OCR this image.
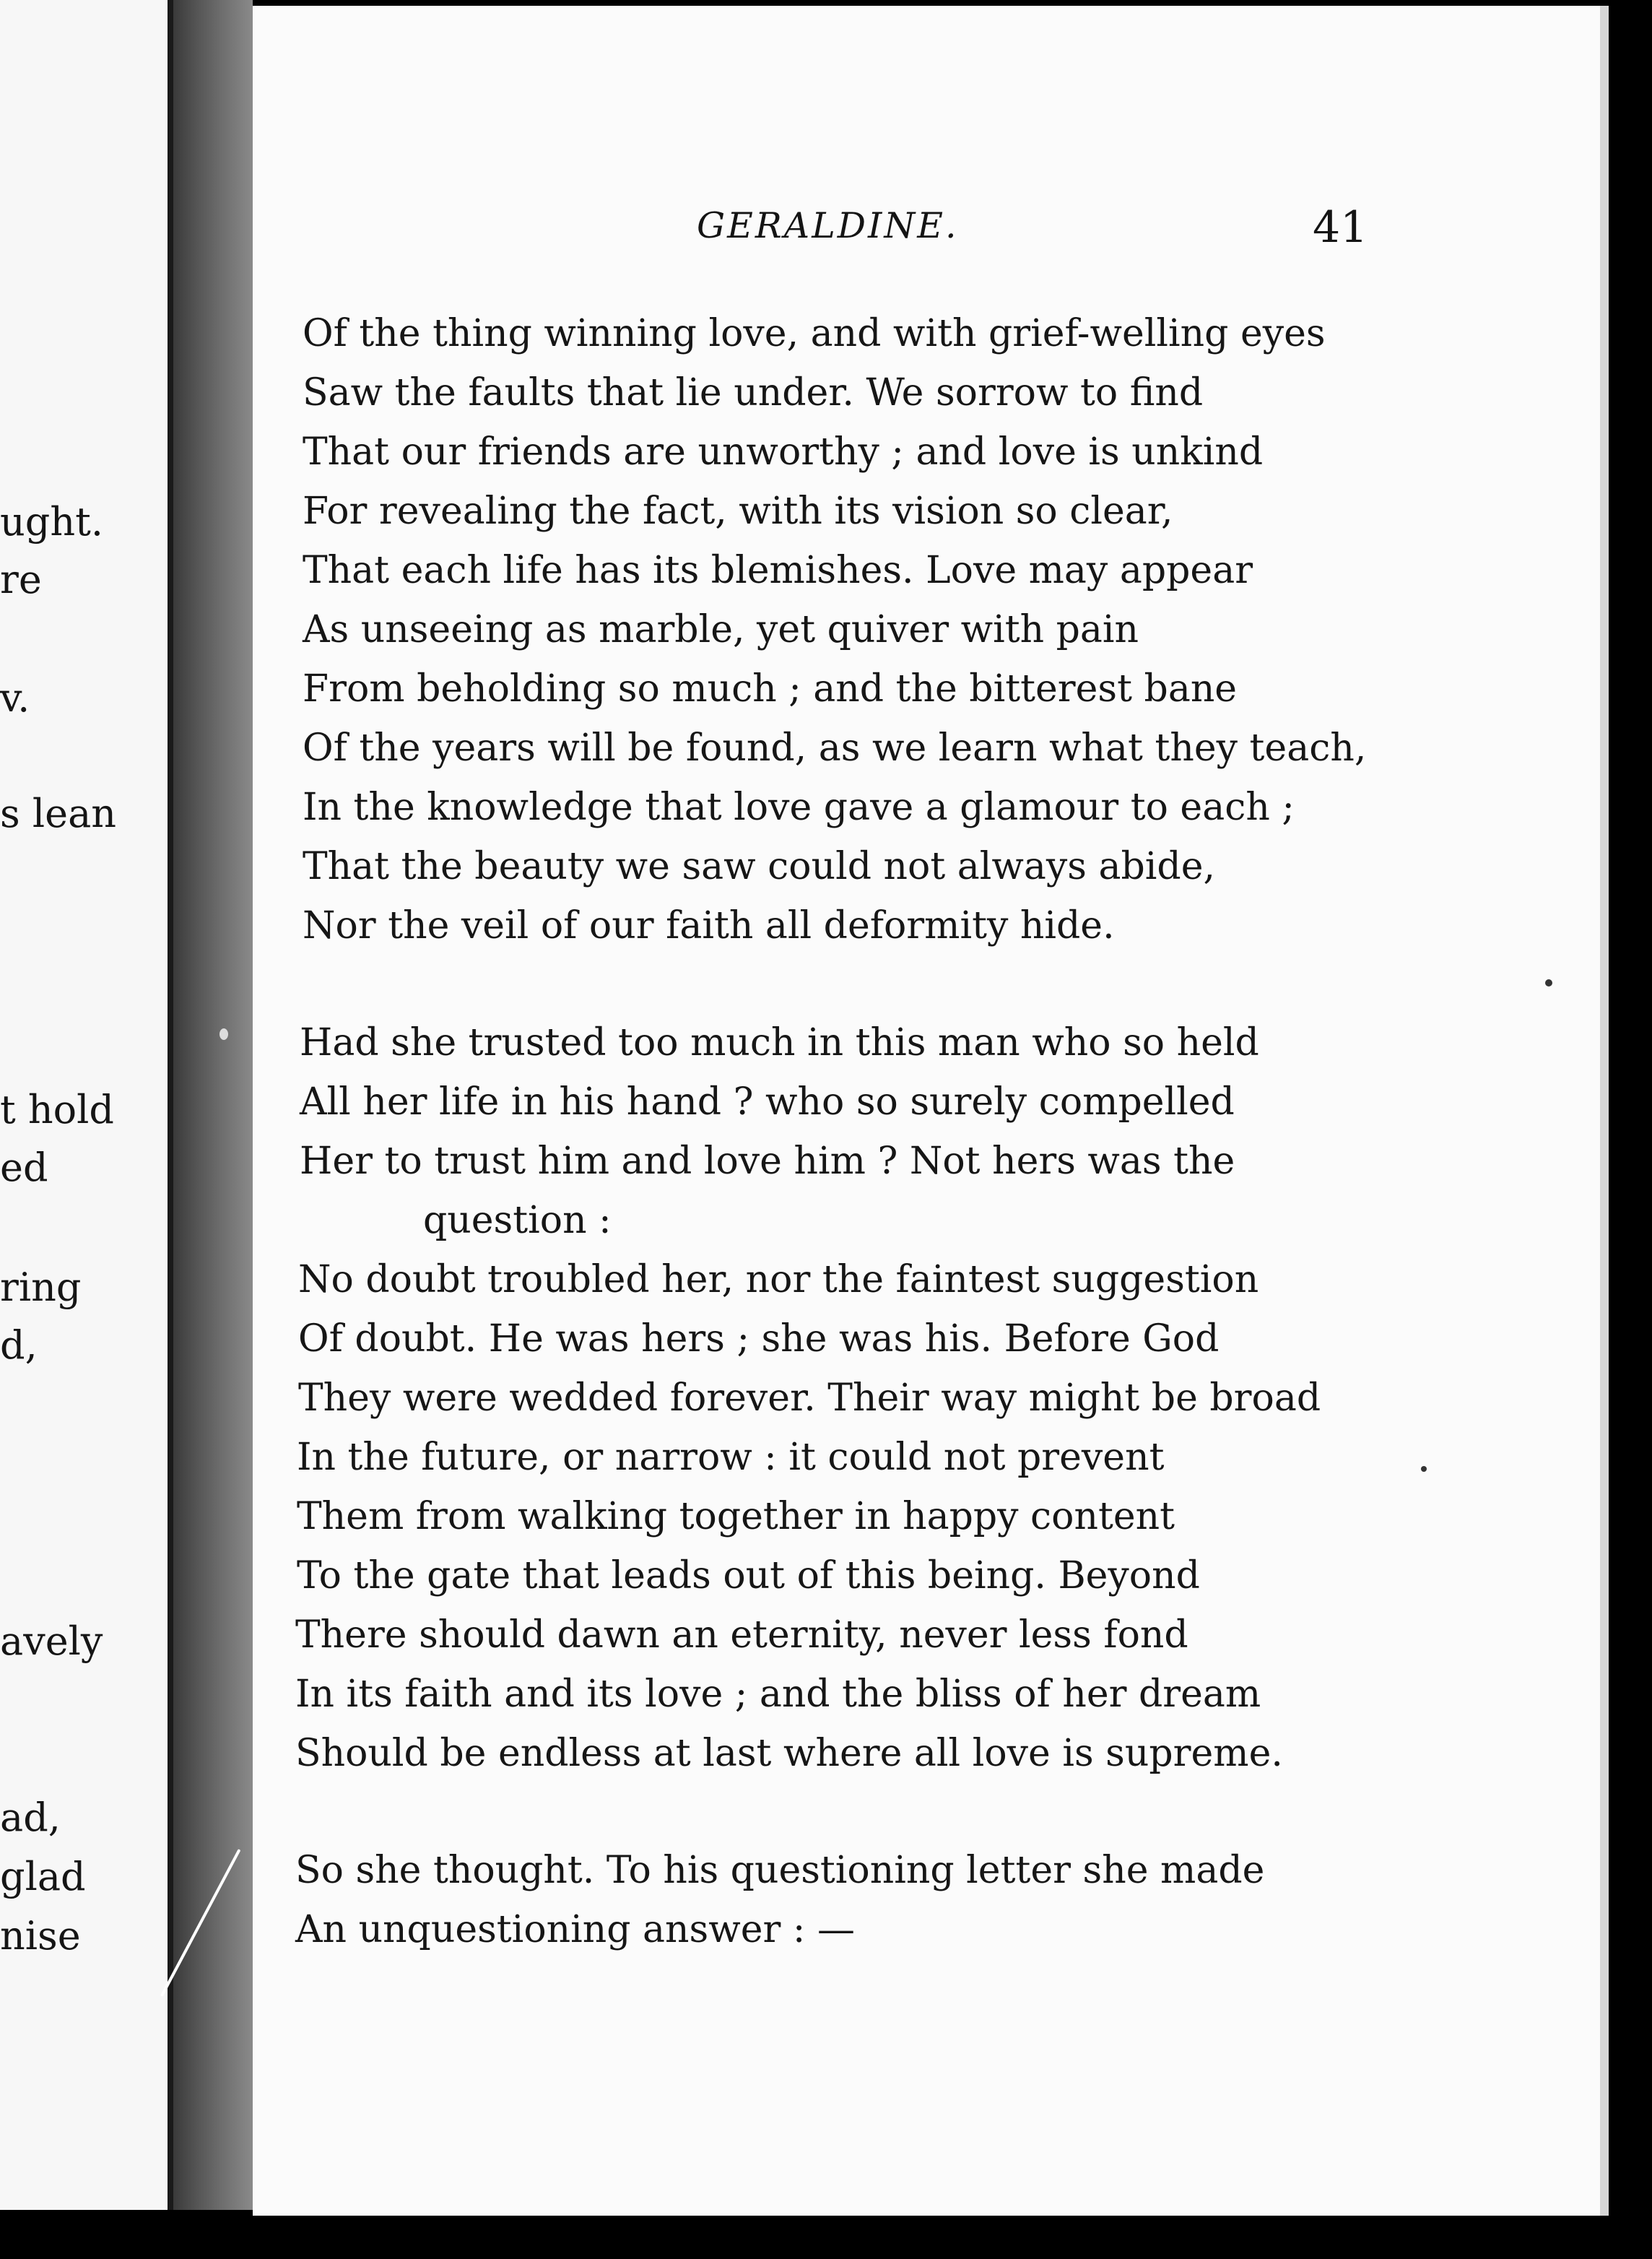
ught.
re
v.
s lean
t hold
ed
ring
d,
avely
ad,
glad
nise
GERALDINE.	41
Of the thing winning love, and with grief-welling eyes
Saw the faults that lie under. We sorrow to find
That our friends are unworthy ; and love is unkind
For revealing the fact, with its vision so clear,
That each life has its blemishes. Love may appear
As unseeing as marble, yet quiver with pain
From beholding so much ; and the bitterest bane
Of the years will be found, as we learn what they teach,
In the knowledge that love gave a glamour to each ;
That the beauty we saw could not always abide,
Nor the veil of our faith all deformity hide.
Had she trusted too much in this man who so held
All her life in his hand ? who so surely compelled
Her to trust him and love him ? Not hers was the
question :
No doubt troubled her, nor the faintest suggestion
Of doubt. He was hers ; she was his. Before God
They were wedded forever. Their way might be broad
In the future, or narrow : it could not prevent
Them from walking together in happy content
To the gate that leads out of this being. Beyond
There should dawn an eternity, never less fond
In its faith and its love ; and the bliss of her dream
Should be endless at last where all love is supreme.
So she thought. To his questioning letter she made
An unquestioning answer : —
